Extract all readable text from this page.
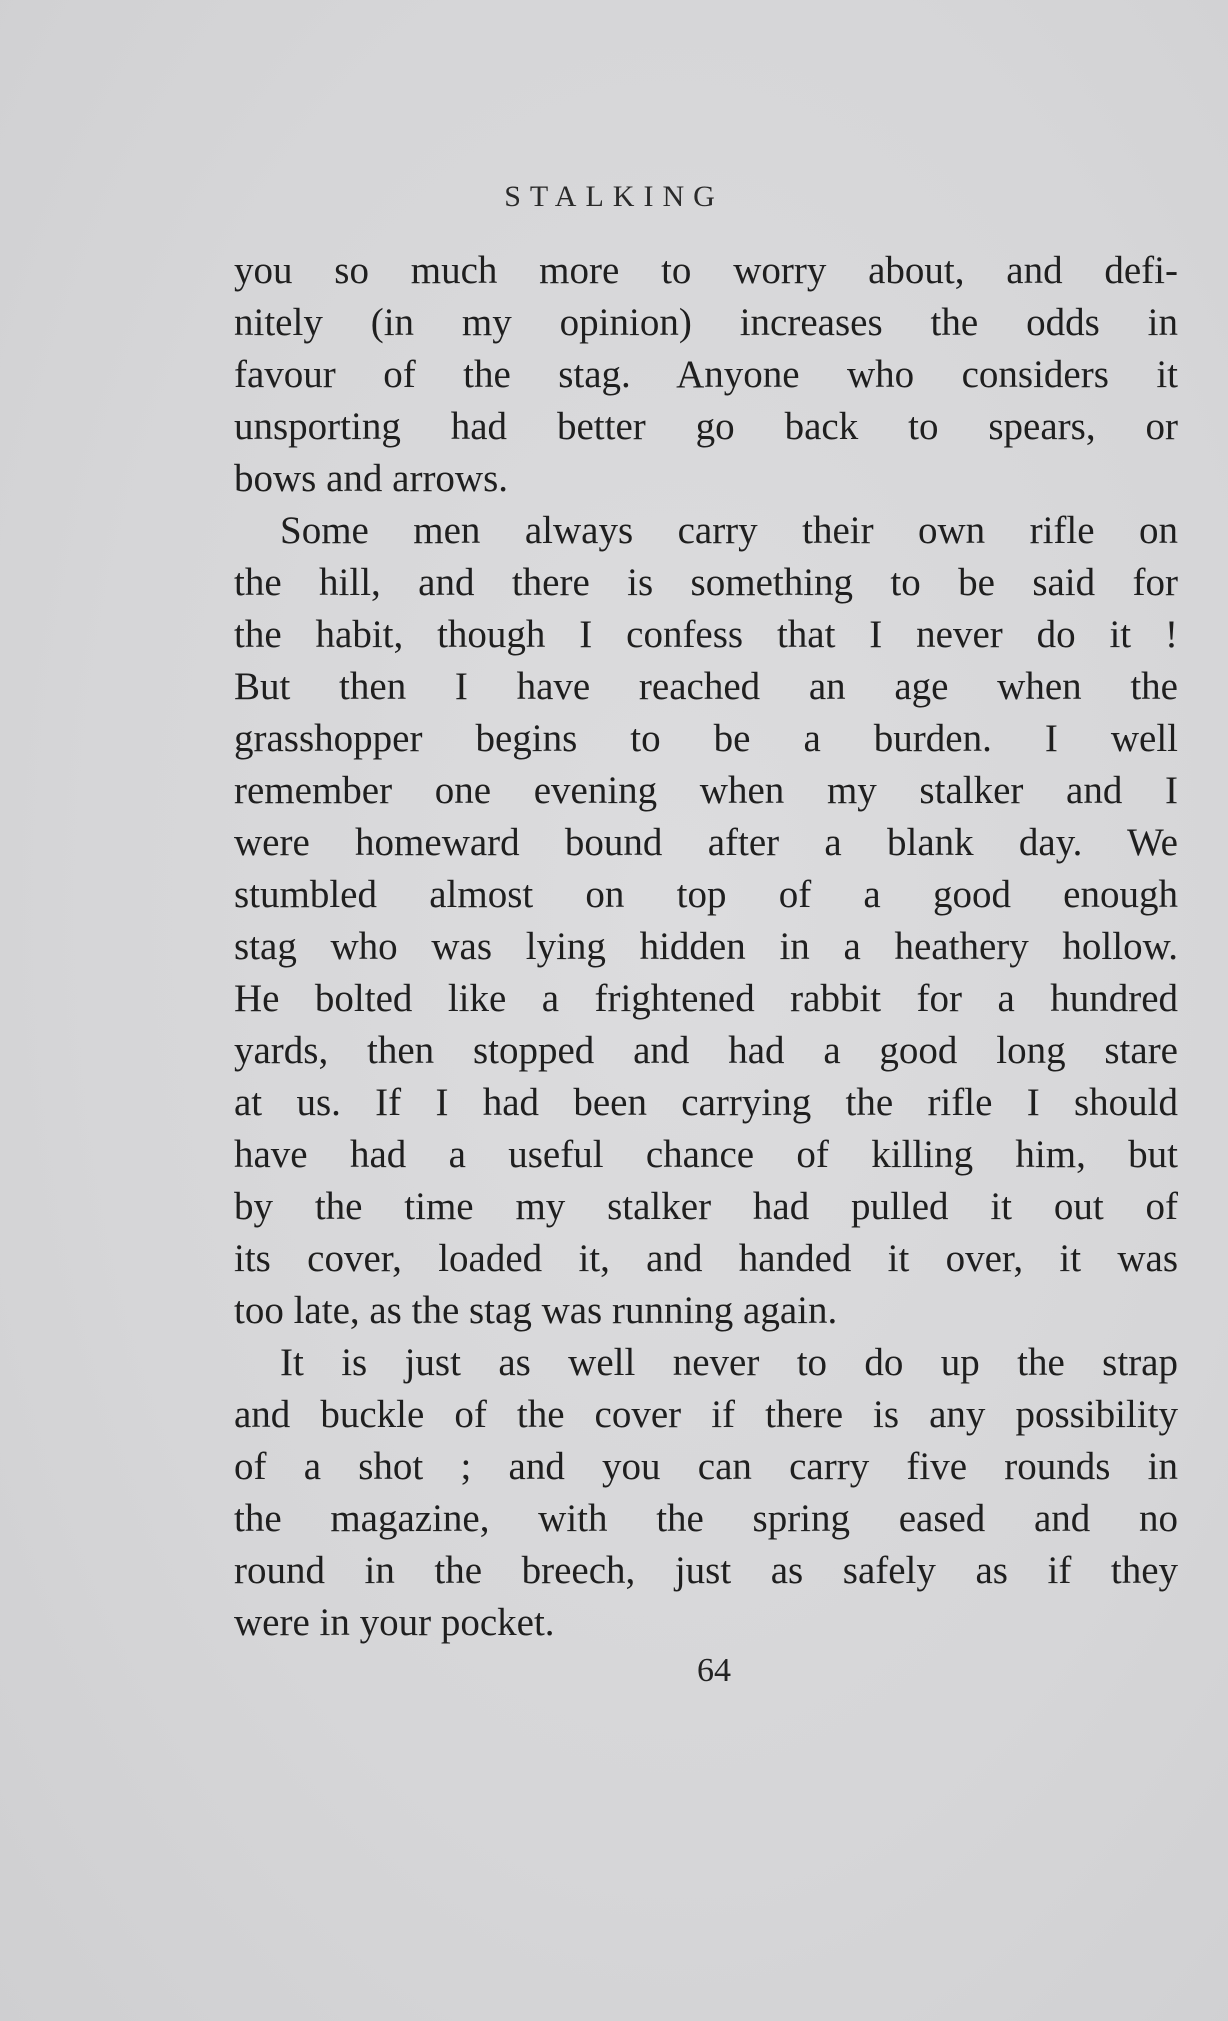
STALKING
you so much more to worry about, and defi-
nitely (in my opinion) increases the odds in
favour of the stag. Anyone who considers it
unsporting had better go back to spears, or
bows and arrows.
Some men always carry their own rifle on
the hill, and there is something to be said for
the habit, though I confess that I never do it !
But then I have reached an age when the
grasshopper begins to be a burden. I well
remember one evening when my stalker and I
were homeward bound after a blank day. We
stumbled almost on top of a good enough
stag who was lying hidden in a heathery hollow.
He bolted like a frightened rabbit for a hundred
yards, then stopped and had a good long stare
at us. If I had been carrying the rifle I should
have had a useful chance of killing him, but
by the time my stalker had pulled it out of
its cover, loaded it, and handed it over, it was
too late, as the stag was running again.
It is just as well never to do up the strap
and buckle of the cover if there is any possibility
of a shot ; and you can carry five rounds in
the magazine, with the spring eased and no
round in the breech, just as safely as if they
were in your pocket.
64
